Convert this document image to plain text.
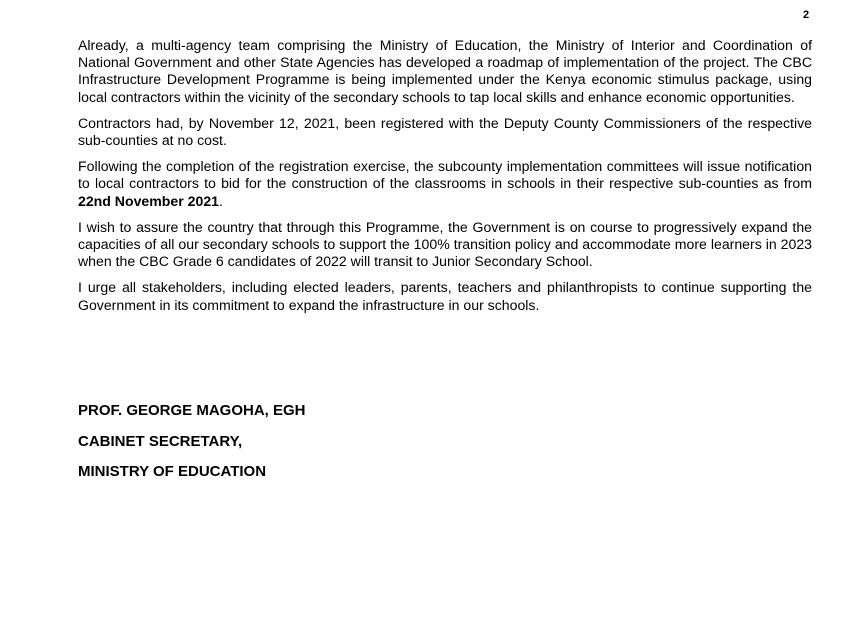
2

Already, a multi-agency team comprising the Ministry of Education, the Ministry of Interior and Coordination of National Government and other State Agencies has developed a roadmap of implementation of the project. The CBC Infrastructure Development Programme is being implemented under the Kenya economic stimulus package, using local contractors within the vicinity of the secondary schools to tap local skills and enhance economic opportunities.

Contractors had, by November 12, 2021, been registered with the Deputy County Commissioners of the respective sub-counties at no cost.

Following the completion of the registration exercise, the subcounty implementation committees will issue notification to local contractors to bid for the construction of the classrooms in schools in their respective sub-counties as from 22nd November 2021.

I wish to assure the country that through this Programme, the Government is on course to progressively expand the capacities of all our secondary schools to support the 100% transition policy and accommodate more learners in 2023 when the CBC Grade 6 candidates of 2022 will transit to Junior Secondary School.

I urge all stakeholders, including elected leaders, parents, teachers and philanthropists to continue supporting the Government in its commitment to expand the infrastructure in our schools.

PROF. GEORGE MAGOHA, EGH
CABINET SECRETARY,
MINISTRY OF EDUCATION
